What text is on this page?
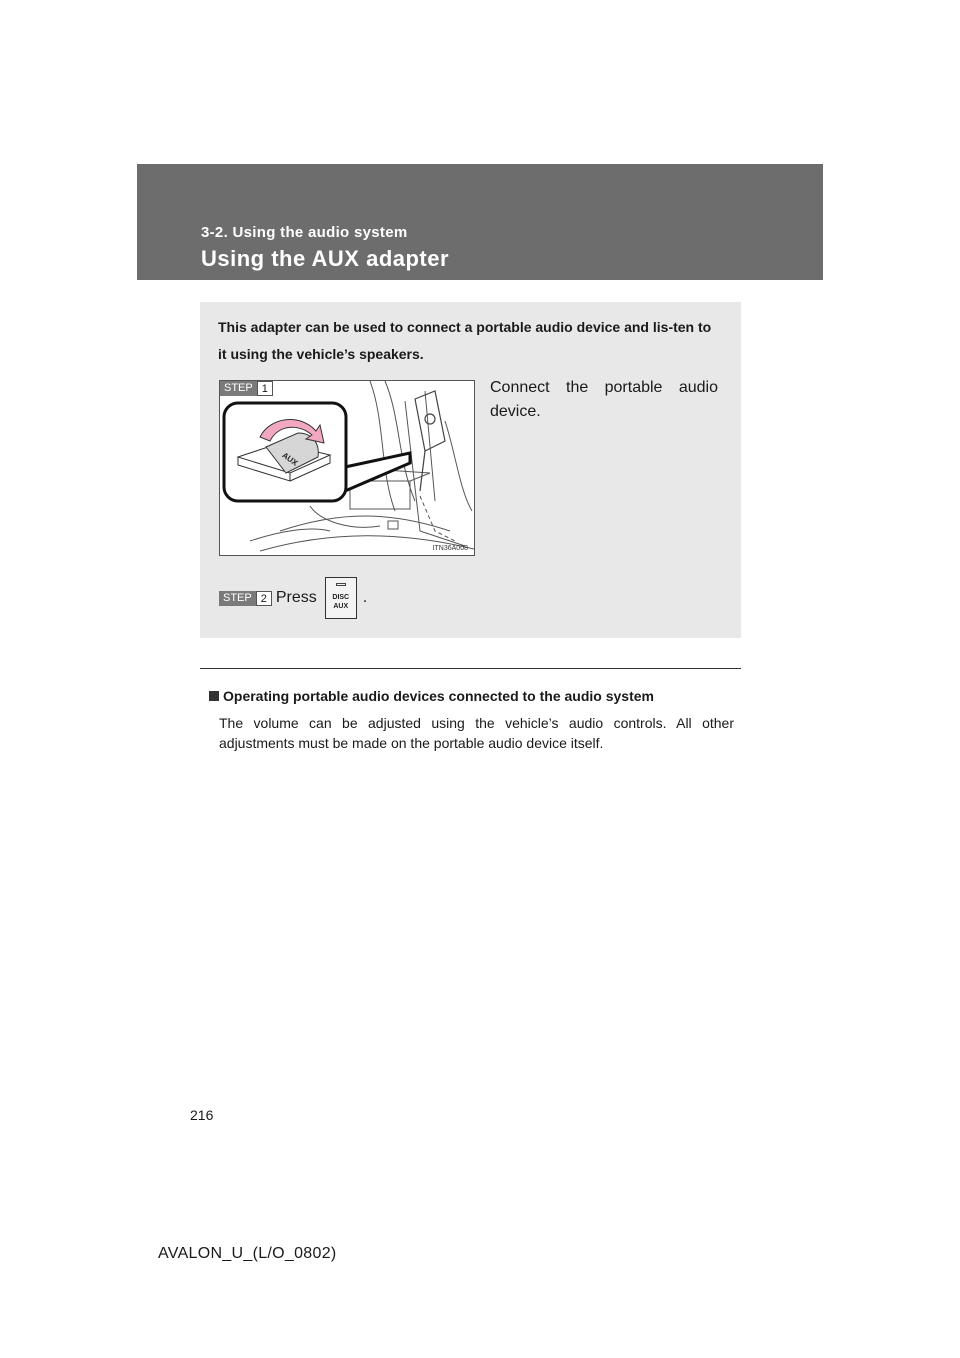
3-2. Using the audio system

Using the AUX adapter

This adapter can be used to connect a portable audio device and lis-ten to it using the vehicle’s speakers.

AUX
STEP 1
ITN36A008

Connect the portable audio device.

STEP 2 Press	DISC
AUX
.

Operating portable audio devices connected to the audio system

The volume can be adjusted using the vehicle’s audio controls. All other adjustments must be made on the portable audio device itself.

216
AVALON_U_(L/O_0802)
